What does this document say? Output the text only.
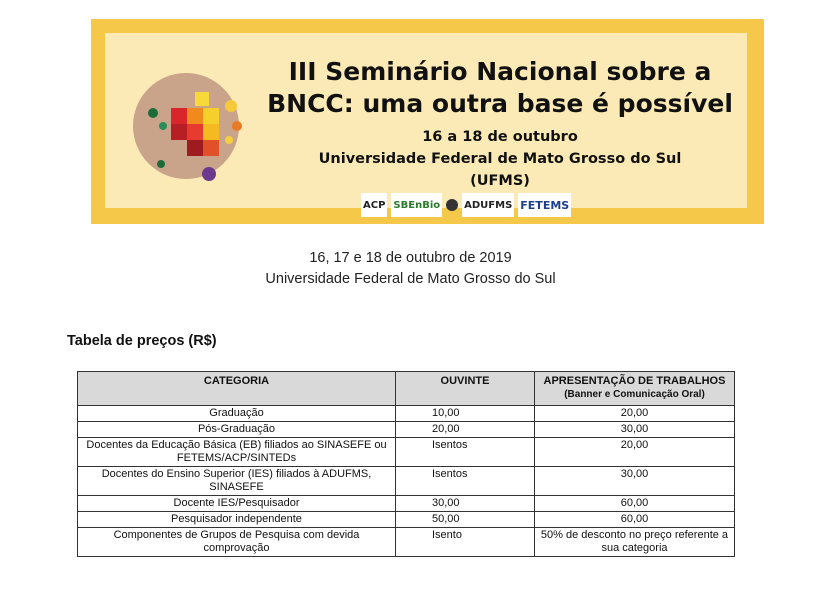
III Seminário Nacional sobre a
BNCC: uma outra base é possível
16 a 18 de outubro
Universidade Federal de Mato Grosso do Sul
(UFMS)
ACP SBEnBio ADUFMS FETEMS
16, 17 e 18 de outubro de 2019
Universidade Federal de Mato Grosso do Sul
Tabela de preços (R$)
CATEGORIA	OUVINTE	APRESENTAÇÃO DE TRABALHOS
(Banner e Comunicação Oral)

Graduação	10,00	20,00
Pós-Graduação	20,00	30,00
Docentes da Educação Básica (EB) filiados ao SINASEFE ou FETEMS/ACP/SINTEDs	Isentos	20,00
Docentes do Ensino Superior (IES) filiados à ADUFMS, SINASEFE	Isentos	30,00
Docente IES/Pesquisador	30,00	60,00
Pesquisador independente	50,00	60,00
Componentes de Grupos de Pesquisa com devida comprovação	Isento	50% de desconto no preço referente a sua categoria
